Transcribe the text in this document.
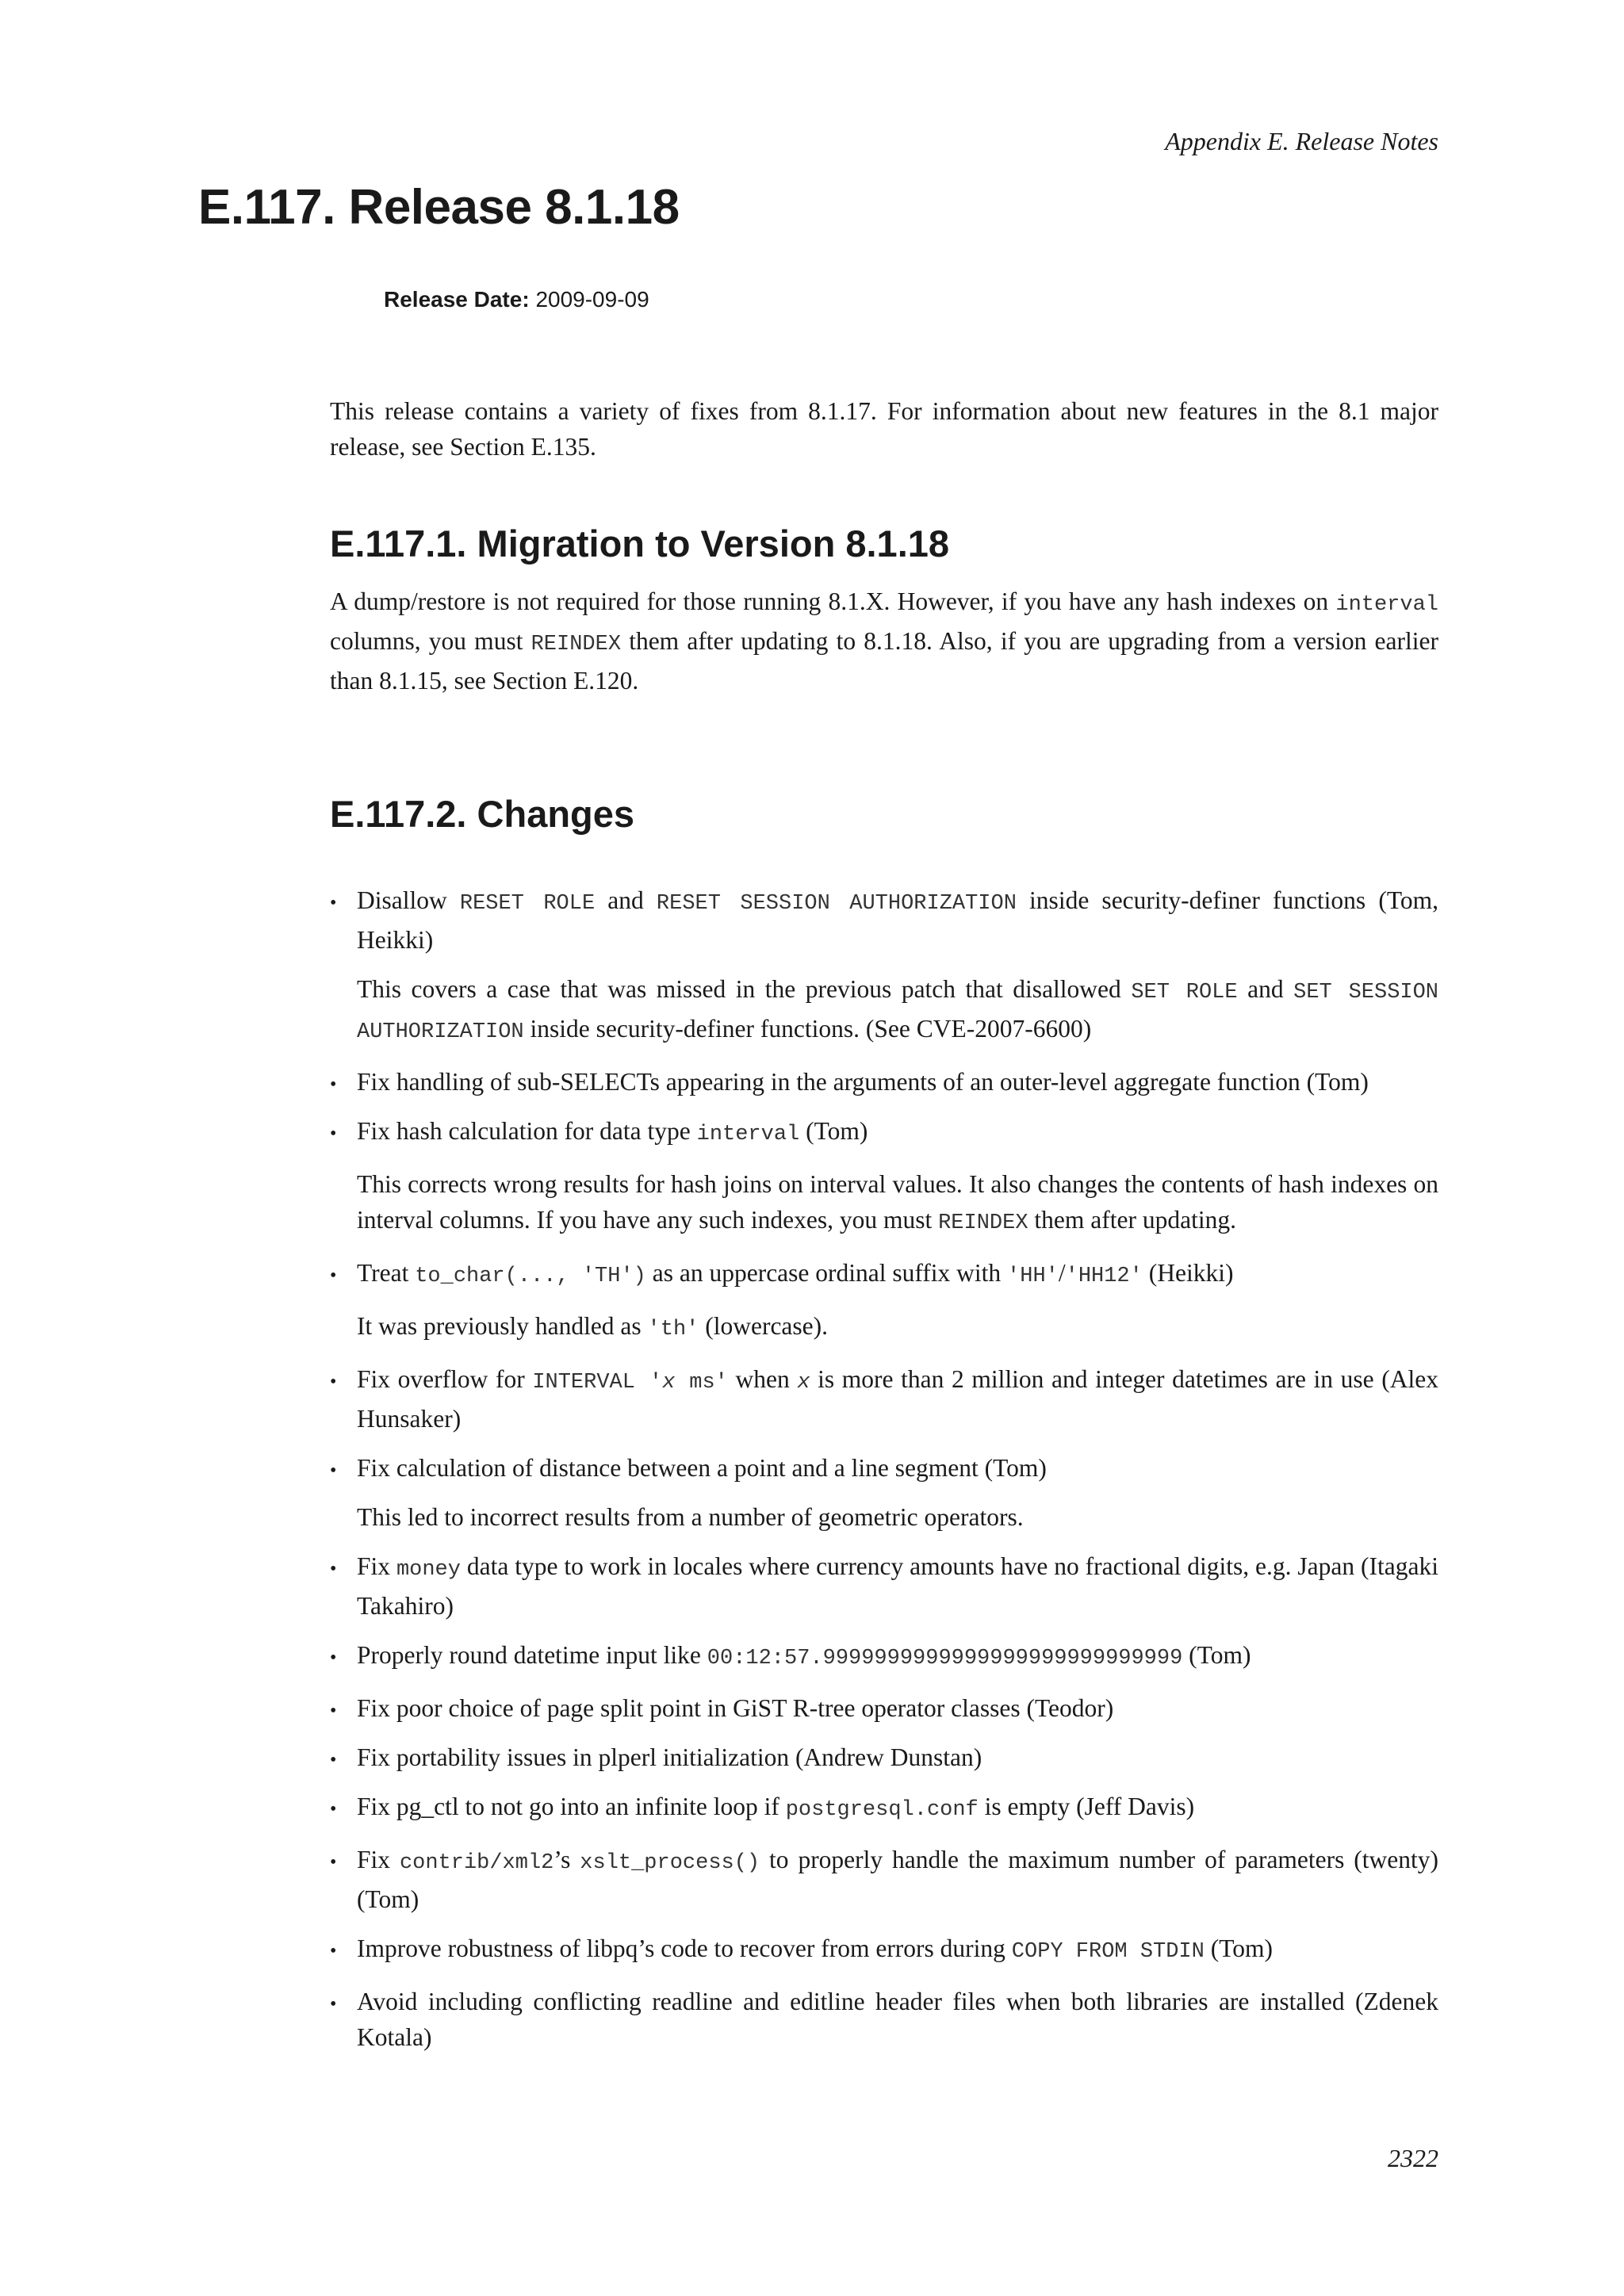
Appendix E. Release Notes
E.117. Release 8.1.18
Release Date: 2009-09-09

This release contains a variety of fixes from 8.1.17. For information about new features in the 8.1 major release, see Section E.135.

E.117.1. Migration to Version 8.1.18

A dump/restore is not required for those running 8.1.X. However, if you have any hash indexes on interval columns, you must REINDEX them after updating to 8.1.18. Also, if you are upgrading from a version earlier than 8.1.15, see Section E.120.

E.117.2. Changes
•
Disallow RESET ROLE and RESET SESSION AUTHORIZATION inside security-definer functions (Tom, Heikki)

This covers a case that was missed in the previous patch that disallowed SET ROLE and SET SESSION AUTHORIZATION inside security-definer functions. (See CVE-2007-6600)

•
Fix handling of sub-SELECTs appearing in the arguments of an outer-level aggregate function (Tom)
•
Fix hash calculation for data type interval (Tom)

This corrects wrong results for hash joins on interval values. It also changes the contents of hash indexes on interval columns. If you have any such indexes, you must REINDEX them after updating.

•
Treat to_char(..., 'TH') as an uppercase ordinal suffix with 'HH'/'HH12' (Heikki)

It was previously handled as 'th' (lowercase).

•
Fix overflow for INTERVAL 'x ms' when x is more than 2 million and integer datetimes are in use (Alex Hunsaker)
•
Fix calculation of distance between a point and a line segment (Tom)

This led to incorrect results from a number of geometric operators.

•
Fix money data type to work in locales where currency amounts have no fractional digits, e.g. Japan (Itagaki Takahiro)
•
Properly round datetime input like 00:12:57.9999999999999999999999999999 (Tom)
•
Fix poor choice of page split point in GiST R-tree operator classes (Teodor)
•
Fix portability issues in plperl initialization (Andrew Dunstan)
•
Fix pg_ctl to not go into an infinite loop if postgresql.conf is empty (Jeff Davis)
•
Fix contrib/xml2’s xslt_process() to properly handle the maximum number of parameters (twenty) (Tom)
•
Improve robustness of libpq’s code to recover from errors during COPY FROM STDIN (Tom)
•
Avoid including conflicting readline and editline header files when both libraries are installed (Zdenek Kotala)
2322
